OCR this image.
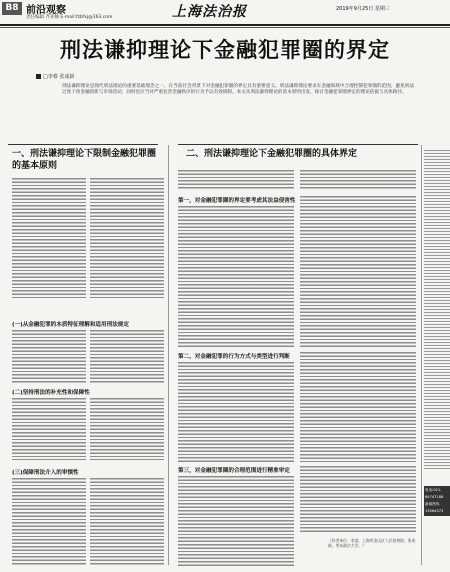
B8 前沿观察
责任编辑 齐亚楠 E-mail:fzbfxj@163.com	上海法治报	2019年9月25日 星期三
刑法谦抑理论下金融犯罪圈的界定
□李睿 张成新
刑法谦抑理论是现代刑法理论的重要基础理念之一，在当前社会背景下对金融犯罪圈的界定具有重要意义。刑法谦抑理论要求在金融领域中合理控制犯罪圈的范围，避免刑法过度干预金融创新与市场活动，同时也应当对严重危害金融秩序的行为予以有效规制。本文从刑法谦抑理论的基本原则出发，探讨金融犯罪圈界定的理论依据与具体路径。
一、刑法谦抑理论下限制金融犯罪圈的基本原则
二、刑法谦抑理论下金融犯罪圈的具体界定
(一)从金融犯罪的本质特征理解和适用刑法规定
(二)坚持刑法的补充性和保障性
(三)保障刑法介入的审慎性
第一，对金融犯罪圈的界定要考虑其法益侵害性
第二，对金融犯罪的行为方式与类型进行判断
第三，对金融犯罪圈的合理范围进行精准审定
（作者单位：李睿，上海市金山区人民检察院；张成新，华东政法大学。）
电话:021-
64747188
新闻热线
13564373
